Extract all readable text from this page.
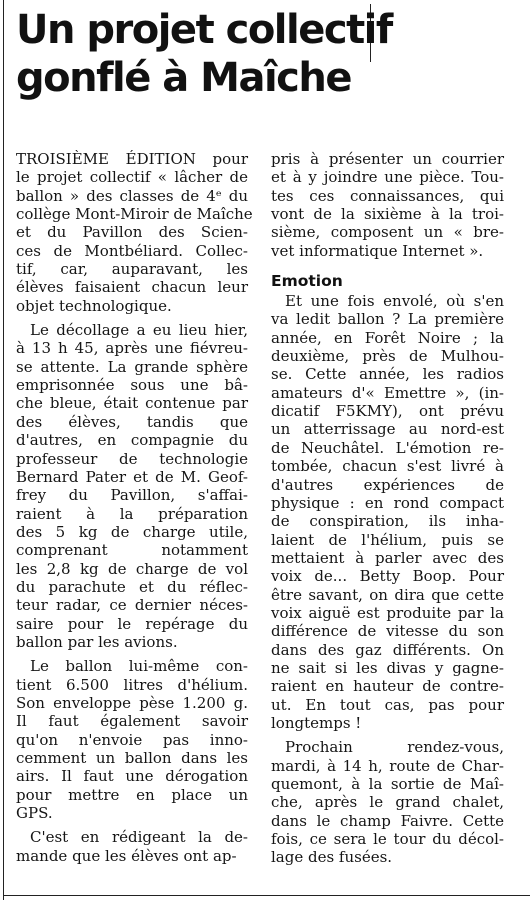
Un projet collectif
gonflé à Maîche

TROISIÈME ÉDITION pour
le projet collectif « lâcher de
ballon » des classes de 4ᵉ du
collège Mont-Miroir de Maîche
et du Pavillon des Scien-
ces de Montbéliard. Collec-
tif, car, auparavant, les
élèves faisaient chacun leur
objet technologique.

Le décollage a eu lieu hier,
à 13 h 45, après une fiévreu-
se attente. La grande sphère
emprisonnée sous une bâ-
che bleue, était contenue par
des élèves, tandis que
d'autres, en compagnie du
professeur de technologie
Bernard Pater et de M. Geof-
frey du Pavillon, s'affai-
raient à la préparation
des 5 kg de charge utile,
comprenant notamment
les 2,8 kg de charge de vol
du parachute et du réflec-
teur radar, ce dernier néces-
saire pour le repérage du
ballon par les avions.

Le ballon lui-même con-
tient 6.500 litres d'hélium.
Son enveloppe pèse 1.200 g.
Il faut également savoir
qu'on n'envoie pas inno-
cemment un ballon dans les
airs. Il faut une dérogation
pour mettre en place un
GPS.

C'est en rédigeant la de-
mande que les élèves ont ap-

pris à présenter un courrier
et à y joindre une pièce. Tou-
tes ces connaissances, qui
vont de la sixième à la troi-
sième, composent un « bre-
vet informatique Internet ».

Emotion

Et une fois envolé, où s'en
va ledit ballon ? La première
année, en Forêt Noire ; la
deuxième, près de Mulhou-
se. Cette année, les radios
amateurs d'« Emettre », (in-
dicatif F5KMY), ont prévu
un atterrissage au nord-est
de Neuchâtel. L'émotion re-
tombée, chacun s'est livré à
d'autres expériences de
physique : en rond compact
de conspiration, ils inha-
laient de l'hélium, puis se
mettaient à parler avec des
voix de... Betty Boop. Pour
être savant, on dira que cette
voix aiguë est produite par la
différence de vitesse du son
dans des gaz différents. On
ne sait si les divas y gagne-
raient en hauteur de contre-
ut. En tout cas, pas pour
longtemps !

Prochain rendez-vous,
mardi, à 14 h, route de Char-
quemont, à la sortie de Maî-
che, après le grand chalet,
dans le champ Faivre. Cette
fois, ce sera le tour du décol-
lage des fusées.
